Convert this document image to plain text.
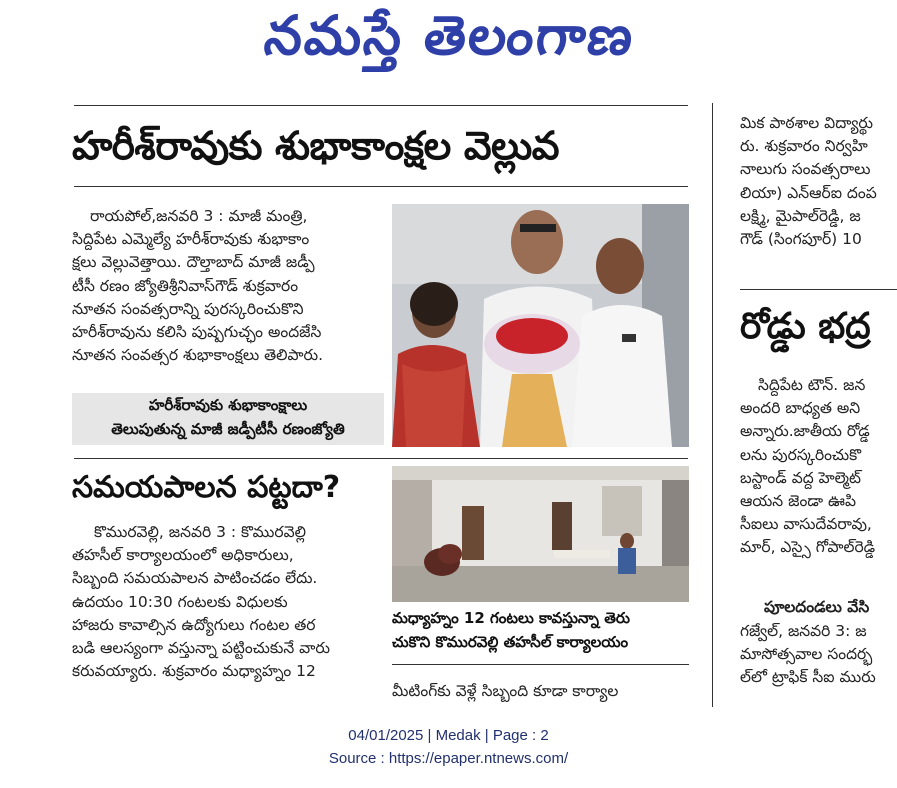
నమస్తే తెలంగాణ
హరీశ్‌రావుకు శుభాకాంక్షల వెల్లువ
రాయపోల్,జనవరి 3 : మాజీ మంత్రి,
సిద్దిపేట ఎమ్మెల్యే హరీశ్‌రావుకు శుభాకాం
క్షలు వెల్లువెత్తాయి. దౌల్తాబాద్ మాజీ జడ్పీ
టీసీ రణం జ్యోతిశ్రీనివాస్‌గౌడ్ శుక్రవారం
నూతన సంవత్సరాన్ని పురస్కరించుకొని
హరీశ్‌రావును కలిసి పుష్పగుచ్ఛం అందజేసి
నూతన సంవత్సర శుభాకాంక్షలు తెలిపారు.
హరీశ్‌రావుకు శుభాకాంక్షాలు
తెలుపుతున్న మాజీ జడ్పీటీసీ రణంజ్యోతి
సమయపాలన పట్టదా?
కొమురవెల్లి, జనవరి 3 : కొమురవెల్లి
తహసీల్ కార్యాలయంలో అధికారులు,
సిబ్బంది సమయపాలన పాటించడం లేదు.
ఉదయం 10:30 గంటలకు విధులకు
హాజరు కావాల్సిన ఉద్యోగులు గంటల తర
బడి ఆలస్యంగా వస్తున్నా పట్టించుకునే వారు
కరువయ్యారు. శుక్రవారం మధ్యాహ్నం 12
మధ్యాహ్నం 12 గంటలు కావస్తున్నా తెరు
చుకొని కొమురవెల్లి తహసీల్ కార్యాలయం
మీటింగ్‌కు వెళ్లే సిబ్బంది కూడా కార్యాల
మిక పాఠశాల విద్యార్థు
రు. శుక్రవారం నిర్వహి
నాలుగు సంవత్సరాలు
లియా) ఎన్‌ఆర్‌ఐ దంప
లక్ష్మి, మైపాల్‌రెడ్డి, జ
గౌడ్ (సింగపూర్) 10
రోడ్డు భద్ర
సిద్దిపేట టౌన్. జన
అందరి బాధ్యత అని
అన్నారు.జాతీయ రోడ్డ
లను పురస్కరించుకొ
బస్టాండ్ వద్ద హెల్మెట్
ఆయన జెండా ఊపి
సీఐలు వాసుదేవరావు,
మార్, ఎస్సై గోపాల్‌రెడ్డి
పూలదండలు వేసి
గజ్వేల్, జనవరి 3: జ
మాసోత్సవాల సందర్భ
ల్‌లో ట్రాఫిక్ సీఐ మురు
04/01/2025 | Medak | Page : 2
Source : https://epaper.ntnews.com/
